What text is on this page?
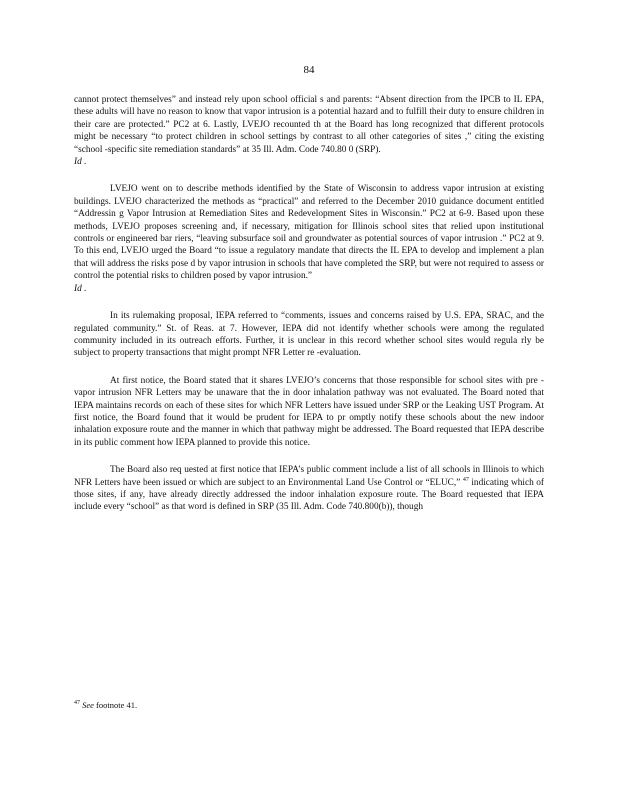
84

cannot protect themselves” and instead rely upon school official s and parents: “Absent direction from the IPCB to IL EPA, these adults will have no reason to know that vapor intrusion is a potential hazard and to fulfill their duty to ensure children in their care are protected.” PC2 at 6. Lastly, LVEJO recounted th at the Board has long recognized that different protocols might be necessary “to protect children in school settings by contrast to all other categories of sites ,” citing the existing “school -specific site remediation standards” at 35 Ill. Adm. Code 740.80 0 (SRP).

Id .

LVEJO went on to describe methods identified by the State of Wisconsin to address vapor intrusion at existing buildings. LVEJO characterized the methods as “practical” and referred to the December 2010 guidance document entitled “Addressin g Vapor Intrusion at Remediation Sites and Redevelopment Sites in Wisconsin.” PC2 at 6-9. Based upon these methods, LVEJO proposes screening and, if necessary, mitigation for Illinois school sites that relied upon institutional controls or engineered bar riers, “leaving subsurface soil and groundwater as potential sources of vapor intrusion .” PC2 at 9. To this end, LVEJO urged the Board “to issue a regulatory mandate that directs the IL EPA to develop and implement a plan that will address the risks pose d by vapor intrusion in schools that have completed the SRP, but were not required to assess or control the potential risks to children posed by vapor intrusion.”

Id .

In its rulemaking proposal, IEPA referred to “comments, issues and concerns raised by U.S. EPA, SRAC, and the regulated community.” St. of Reas. at 7. However, IEPA did not identify whether schools were among the regulated community included in its outreach efforts. Further, it is unclear in this record whether school sites would regula rly be subject to property transactions that might prompt NFR Letter re -evaluation.

At first notice, the Board stated that it shares LVEJO’s concerns that those responsible for school sites with pre -vapor intrusion NFR Letters may be unaware that the in door inhalation pathway was not evaluated. The Board noted that IEPA maintains records on each of these sites for which NFR Letters have issued under SRP or the Leaking UST Program. At first notice, the Board found that it would be prudent for IEPA to pr omptly notify these schools about the new indoor inhalation exposure route and the manner in which that pathway might be addressed. The Board requested that IEPA describe in its public comment how IEPA planned to provide this notice.

The Board also req uested at first notice that IEPA’s public comment include a list of all schools in Illinois to which NFR Letters have been issued or which are subject to an Environmental Land Use Control or “ELUC,” $^{47}$ indicating which of those sites, if any, have already directly addressed the indoor inhalation exposure route. The Board requested that IEPA include every “school” as that word is defined in SRP (35 Ill. Adm. Code 740.800(b)), though

$^{47}$ See footnote 41.
